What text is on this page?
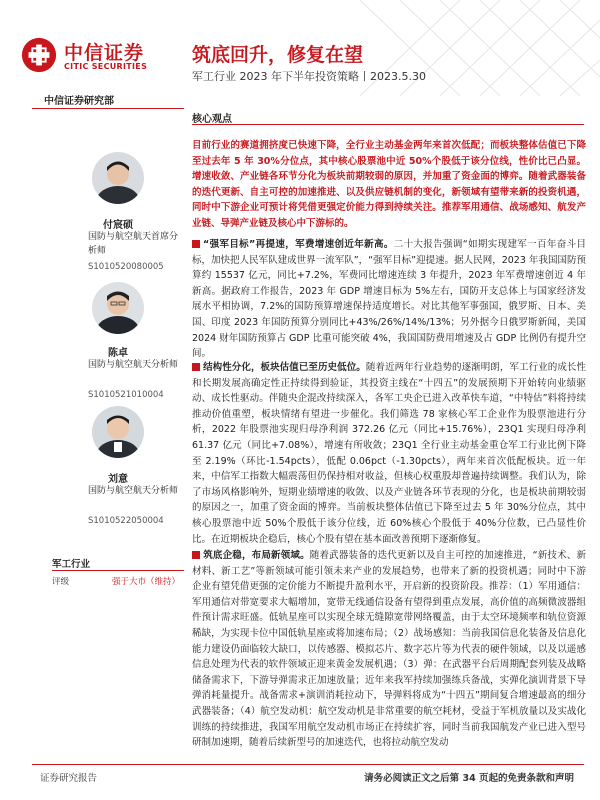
中信证券
CITIC SECURITIES
筑底回升，修复在望
军工行业 2023 年下半年投资策略丨2023.5.30
中信证券研究部
付宸硕
国防与航空航天首席分析师
S1010520080005
陈卓
国防与航空航天分析师
S1010521010004
刘意
国防与航空航天分析师
S1010522050004
军工行业
评级	强于大市（维持）
核心观点
目前行业的赛道拥挤度已快速下降，全行业主动基金两年来首次低配；而板块整体估值已下降至过去年 5 年 30%分位点，其中核心股票池中近 50%个股低于该分位线，性价比已凸显。增速收敛、产业链各环节分化为板块前期较弱的原因，并加重了资金面的博弈。随着武器装备的迭代更新、自主可控的加速推进、以及供应链机制的变化，新领域有望带来新的投资机遇，同时中下游企业可预计将凭借更强定价能力得到持续关注。推荐军用通信、战场感知、航发产业链、导弹产业链及核心中下游标的。
“强军目标”再提速，军费增速创近年新高。二十大报告强调“如期实现建军一百年奋斗目标，加快把人民军队建成世界一流军队”，“强军目标”迎提速。据人民网，2023 年我国国防预算约 15537 亿元，同比+7.2%，军费同比增速连续 3 年提升，2023 年军费增速创近 4 年新高。据政府工作报告，2023 年 GDP 增速目标为 5%左右，国防开支总体上与国家经济发展水平相协调，7.2%的国防预算增速保持适度增长。对比其他军事强国，俄罗斯、日本、美国、印度 2023 年国防预算分别同比+43%/26%/14%/13%；另外据今日俄罗斯新闻，美国 2024 财年国防预算占 GDP 比重可能突破 4%，我国国防费用增速及占 GDP 比例仍有提升空间。
结构性分化，板块估值已至历史低位。随着近两年行业趋势的逐渐明朗，军工行业的成长性和长期发展高确定性正持续得到验证，其投资主线在“十四五”的发展预期下开始转向业绩驱动、成长性驱动。伴随央企混改持续深入，各军工央企已进入改革快车道，“中特估”料将持续推动价值重塑，板块情绪有望进一步催化。我们筛选 78 家核心军工企业作为股票池进行分析，2022 年股票池实现归母净利润 372.26 亿元（同比+15.76%），23Q1 实现归母净利 61.37 亿元（同比+7.08%），增速有所收敛；23Q1 全行业主动基金重仓军工行业比例下降至 2.19%（环比-1.54pcts），低配 0.06pct（-1.30pcts），两年来首次低配板块。近一年来，中信军工指数大幅震荡但仍保持相对收益，但核心权重股却普遍持续调整。我们认为，除了市场风格影响外，短期业绩增速的收敛、以及产业链各环节表现的分化，也是板块前期较弱的原因之一，加重了资金面的博弈。当前板块整体估值已下降至过去 5 年 30%分位点，其中核心股票池中近 50%个股低于该分位线，近 60%核心个股低于 40%分位数，已凸显性价比。在近期板块企稳后，核心个股有望在基本面改善预期下逐渐修复。
筑底企稳，布局新领域。随着武器装备的迭代更新以及自主可控的加速推进，“新技术、新材料、新工艺”等新领域可能引领未来产业的发展趋势，也带来了新的投资机遇；同时中下游企业有望凭借更强的定价能力不断提升盈利水平，开启新的投资阶段。推荐：（1）军用通信：军用通信对带宽要求大幅增加，宽带无线通信设备有望得到重点发展，高价值的高频微波器组件预计需求旺盛。低轨星座可以实现全球无缝隙宽带网络覆盖，由于太空环境频率和轨位资源稀缺，为实现卡位中国低轨星座或将加速布局；（2）战场感知：当前我国信息化装备及信息化能力建设仍面临较大缺口，以传感器、模拟芯片、数字芯片等为代表的硬件领域，以及以遥感信息处理为代表的软件领域正迎来黄金发展机遇；（3）弹：在武器平台后周期配套列装及战略储备需求下，下游导弹需求正加速放量；近年来我军持续加强练兵备战，实弹化演训背景下导弹消耗量提升。战备需求+演训消耗拉动下，导弹料将成为“十四五”期间复合增速最高的细分武器装备；（4）航空发动机：航空发动机是非常重要的航空耗材，受益于军机放量以及实战化训练的持续推进，我国军用航空发动机市场正在持续扩容，同时当前我国航发产业已进入型号研制加速期，随着后续新型号的加速迭代，也将拉动航空发动
证券研究报告	请务必阅读正文之后第 34 页起的免责条款和声明
